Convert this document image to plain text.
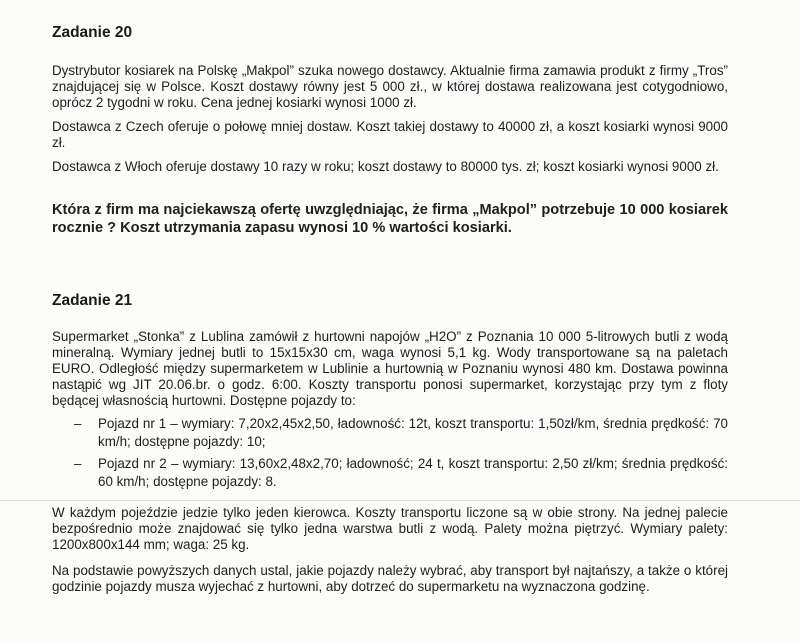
Zadanie 20
Dystrybutor kosiarek na Polskę „Makpol” szuka nowego dostawcy. Aktualnie firma zamawia produkt z firmy „Tros” znajdującej się w Polsce. Koszt dostawy równy jest 5 000 zł., w której dostawa realizowana jest cotygodniowo, oprócz 2 tygodni w roku. Cena jednej kosiarki wynosi 1000 zł.
Dostawca z Czech oferuje o połowę mniej dostaw. Koszt takiej dostawy to 40000 zł, a koszt kosiarki wynosi 9000 zł.
Dostawca z Włoch oferuje dostawy 10 razy w roku; koszt dostawy to 80000 tys. zł; koszt kosiarki wynosi 9000 zł.
Która z firm ma najciekawszą ofertę uwzględniając, że firma „Makpol” potrzebuje 10 000 kosiarek rocznie ? Koszt utrzymania zapasu wynosi 10 % wartości kosiarki.
Zadanie 21
Supermarket „Stonka” z Lublina zamówił z hurtowni napojów „H2O” z Poznania 10 000 5-litrowych butli z wodą mineralną. Wymiary jednej butli to 15x15x30 cm, waga wynosi 5,1 kg. Wody transportowane są na paletach EURO. Odległość między supermarketem w Lublinie a hurtownią w Poznaniu wynosi 480 km. Dostawa powinna nastąpić wg JIT 20.06.br. o godz. 6:00. Koszty transportu ponosi supermarket, korzystając przy tym z floty będącej własnością hurtowni. Dostępne pojazdy to:
– Pojazd nr 1 – wymiary: 7,20x2,45x2,50, ładowność: 12t, koszt transportu: 1,50zł/km, średnia prędkość: 70 km/h; dostępne pojazdy: 10;
– Pojazd nr 2 – wymiary: 13,60x2,48x2,70; ładowność; 24 t, koszt transportu: 2,50 zł/km; średnia prędkość: 60 km/h; dostępne pojazdy: 8.
W każdym pojeździe jedzie tylko jeden kierowca. Koszty transportu liczone są w obie strony. Na jednej palecie bezpośrednio może znajdować się tylko jedna warstwa butli z wodą. Palety można piętrzyć. Wymiary palety: 1200x800x144 mm; waga: 25 kg.
Na podstawie powyższych danych ustal, jakie pojazdy należy wybrać, aby transport był najtańszy, a także o której godzinie pojazdy musza wyjechać z hurtowni, aby dotrzeć do supermarketu na wyznaczona godzinę.
